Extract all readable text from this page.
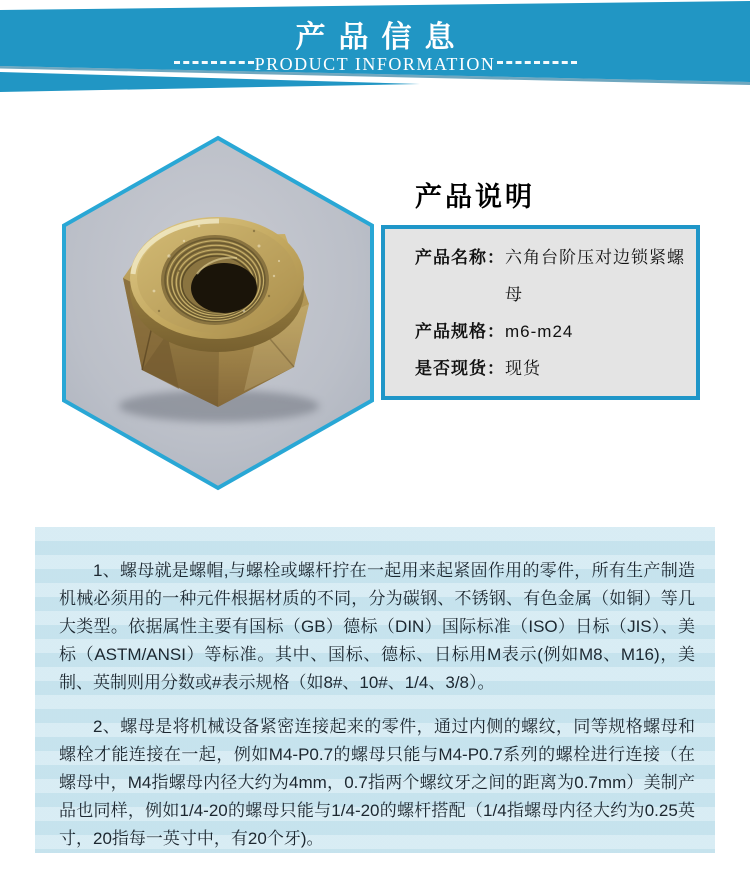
产品信息
PRODUCT INFORMATION
产品说明
产品名称： 六角台阶压对边锁紧螺母
产品规格： m6-m24
是否现货： 现货

1、螺母就是螺帽,与螺栓或螺杆拧在一起用来起紧固作用的零件，所有生产制造机械必须用的一种元件根据材质的不同，分为碳钢、不锈钢、有色金属（如铜）等几大类型。依据属性主要有国标（GB）德标（DIN）国际标准（ISO）日标（JIS）、美标（ASTM/ANSI）等标准。其中、国标、德标、日标用M表示(例如M8、M16)，美制、英制则用分数或#表示规格（如8#、10#、1/4、3/8）。

2、螺母是将机械设备紧密连接起来的零件，通过内侧的螺纹，同等规格螺母和螺栓才能连接在一起，例如M4-P0.7的螺母只能与M4-P0.7系列的螺栓进行连接（在螺母中，M4指螺母内径大约为4mm，0.7指两个螺纹牙之间的距离为0.7mm）美制产品也同样，例如1/4-20的螺母只能与1/4-20的螺杆搭配（1/4指螺母内径大约为0.25英寸，20指每一英寸中，有20个牙)。
